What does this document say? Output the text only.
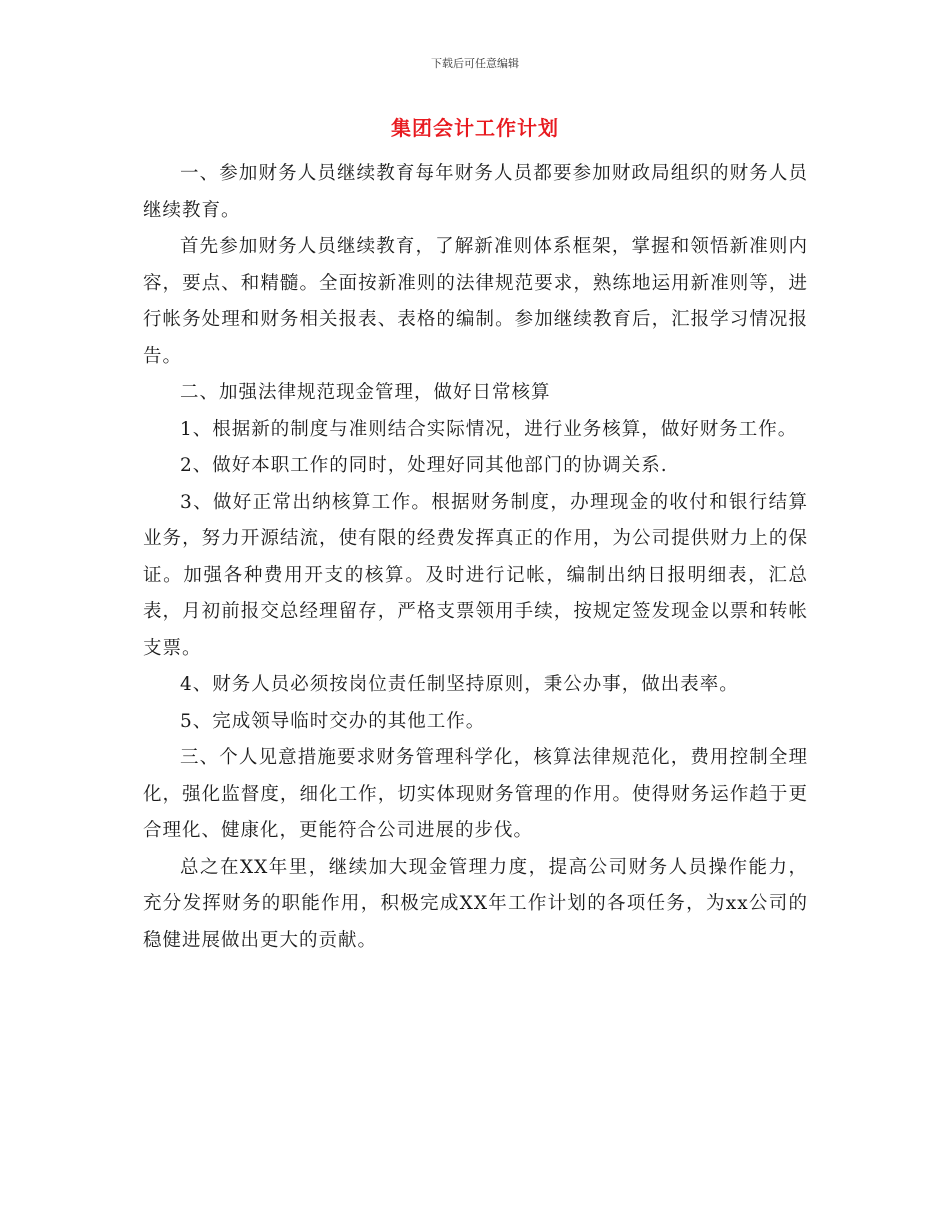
下载后可任意编辑
集团会计工作计划

一、参加财务人员继续教育每年财务人员都要参加财政局组织的财务人员继续教育。

首先参加财务人员继续教育，了解新准则体系框架，掌握和领悟新准则内容，要点、和精髓。全面按新准则的法律规范要求，熟练地运用新准则等，进行帐务处理和财务相关报表、表格的编制。参加继续教育后，汇报学习情况报告。

二、加强法律规范现金管理，做好日常核算

1、根据新的制度与准则结合实际情况，进行业务核算，做好财务工作。

2、做好本职工作的同时，处理好同其他部门的协调关系.

3、做好正常出纳核算工作。根据财务制度，办理现金的收付和银行结算业务，努力开源结流，使有限的经费发挥真正的作用，为公司提供财力上的保证。加强各种费用开支的核算。及时进行记帐，编制出纳日报明细表，汇总表，月初前报交总经理留存，严格支票领用手续，按规定签发现金以票和转帐支票。

4、财务人员必须按岗位责任制坚持原则，秉公办事，做出表率。

5、完成领导临时交办的其他工作。

三、个人见意措施要求财务管理科学化，核算法律规范化，费用控制全理化，强化监督度，细化工作，切实体现财务管理的作用。使得财务运作趋于更合理化、健康化，更能符合公司进展的步伐。

总之在XX年里，继续加大现金管理力度，提高公司财务人员操作能力，充分发挥财务的职能作用，积极完成XX年工作计划的各项任务，为xx公司的稳健进展做出更大的贡献。
